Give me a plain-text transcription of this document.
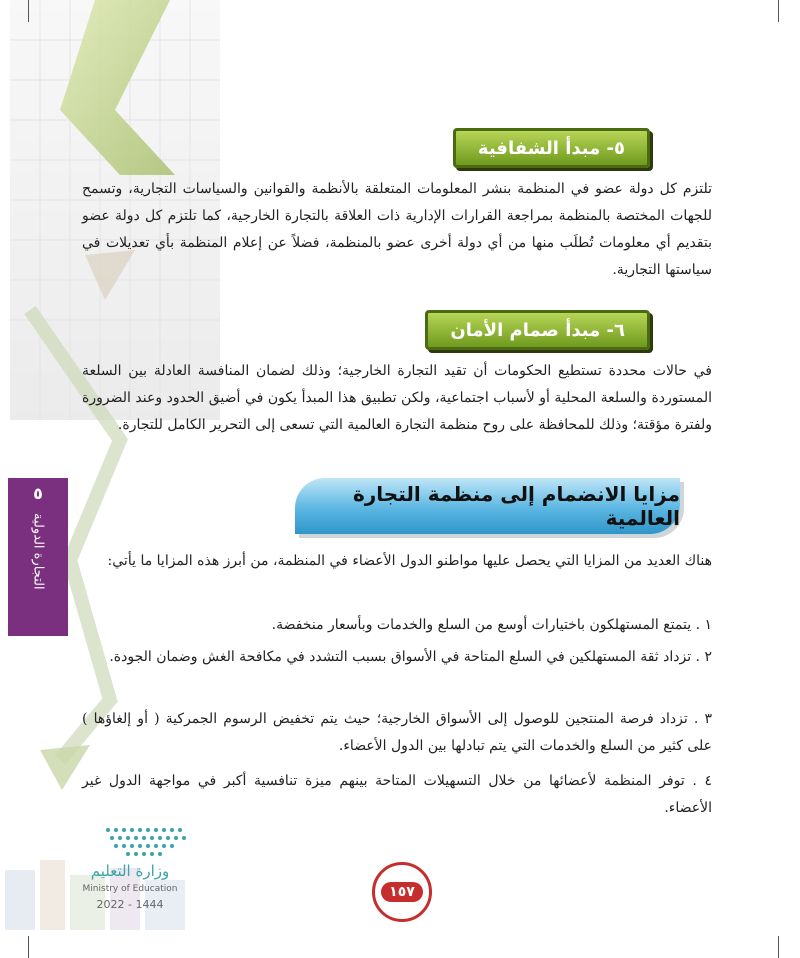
٥- مبدأ الشفافية

تلتزم كل دولة عضو في المنظمة بنشر المعلومات المتعلقة بالأنظمة والقوانين والسياسات التجارية، وتسمح للجهات المختصة بالمنظمة بمراجعة القرارات الإدارية ذات العلاقة بالتجارة الخارجية، كما تلتزم كل دولة عضو بتقديم أي معلومات تُطلَب منها من أي دولة أخرى عضو بالمنظمة، فضلاً عن إعلام المنظمة بأي تعديلات في سياستها التجارية.

٦- مبدأ صمام الأمان

في حالات محددة تستطيع الحكومات أن تقيد التجارة الخارجية؛ وذلك لضمان المنافسة العادلة بين السلعة المستوردة والسلعة المحلية أو لأسباب اجتماعية، ولكن تطبيق هذا المبدأ يكون في أضيق الحدود وعند الضرورة ولفترة مؤقتة؛ وذلك للمحافظة على روح منظمة التجارة العالمية التي تسعى إلى التحرير الكامل للتجارة.

مزايا الانضمام إلى منظمة التجارة العالمية

هناك العديد من المزايا التي يحصل عليها مواطنو الدول الأعضاء في المنظمة، من أبرز هذه المزايا ما يأتي:

١ . يتمتع المستهلكون باختيارات أوسع من السلع والخدمات وبأسعار منخفضة.

٢ . تزداد ثقة المستهلكين في السلع المتاحة في الأسواق بسبب التشدد في مكافحة الغش وضمان الجودة.

٣ . تزداد فرصة المنتجين للوصول إلى الأسواق الخارجية؛ حيث يتم تخفيض الرسوم الجمركية ( أو إلغاؤها ) على كثير من السلع والخدمات التي يتم تبادلها بين الدول الأعضاء.

٤ . توفر المنظمة لأعضائها من خلال التسهيلات المتاحة بينهم ميزة تنافسية أكبر في مواجهة الدول غير الأعضاء.

٥
التجارة الدولية
وزارة التعليم
Ministry of Education
2022 - 1444
١٥٧
